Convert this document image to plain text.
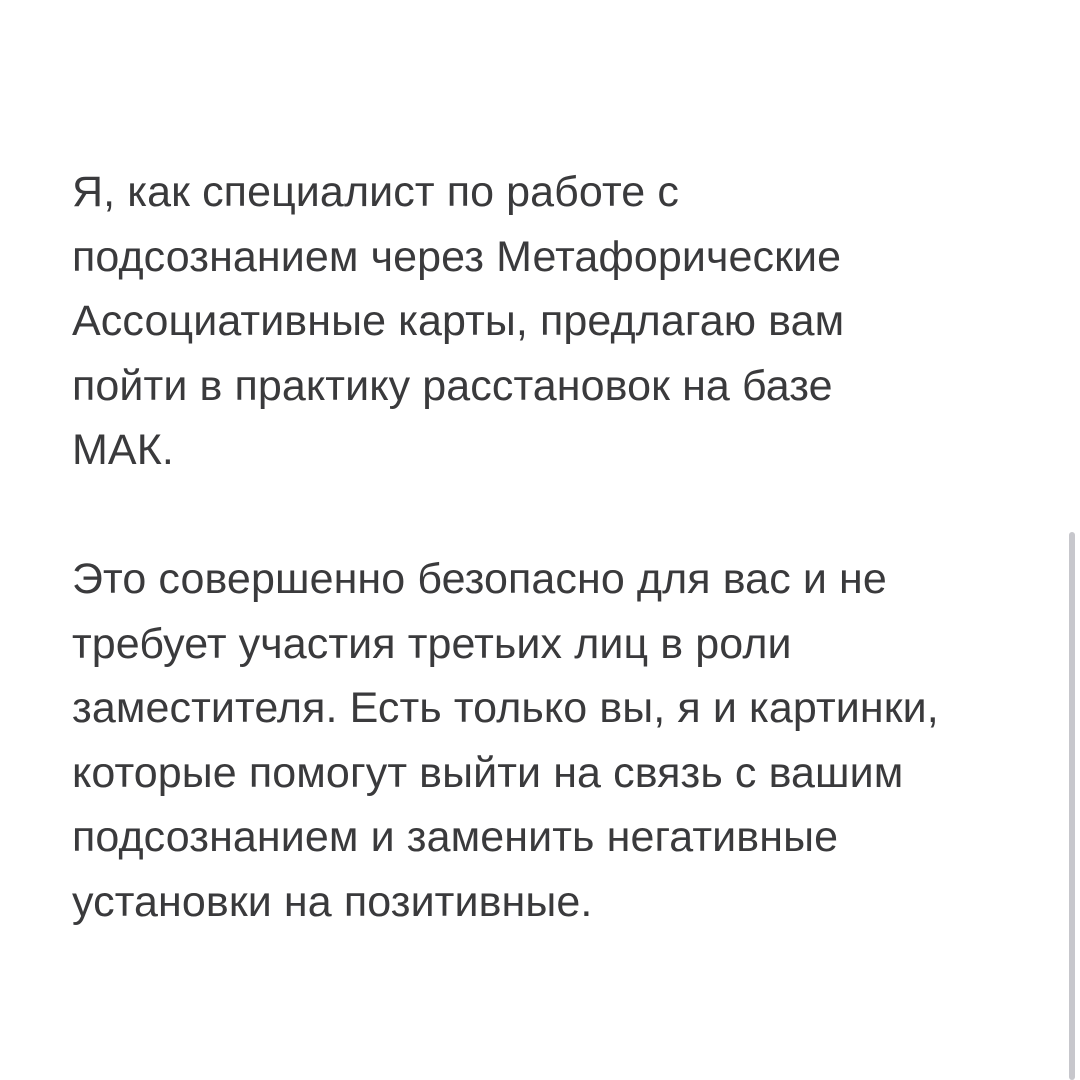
Я, как специалист по работе с
подсознанием через Метафорические
Ассоциативные карты, предлагаю вам
пойти в практику расстановок на базе
МАК.

Это совершенно безопасно для вас и не
требует участия третьих лиц в роли
заместителя. Есть только вы, я и картинки,
которые помогут выйти на связь с вашим
подсознанием и заменить негативные
установки на позитивные.
